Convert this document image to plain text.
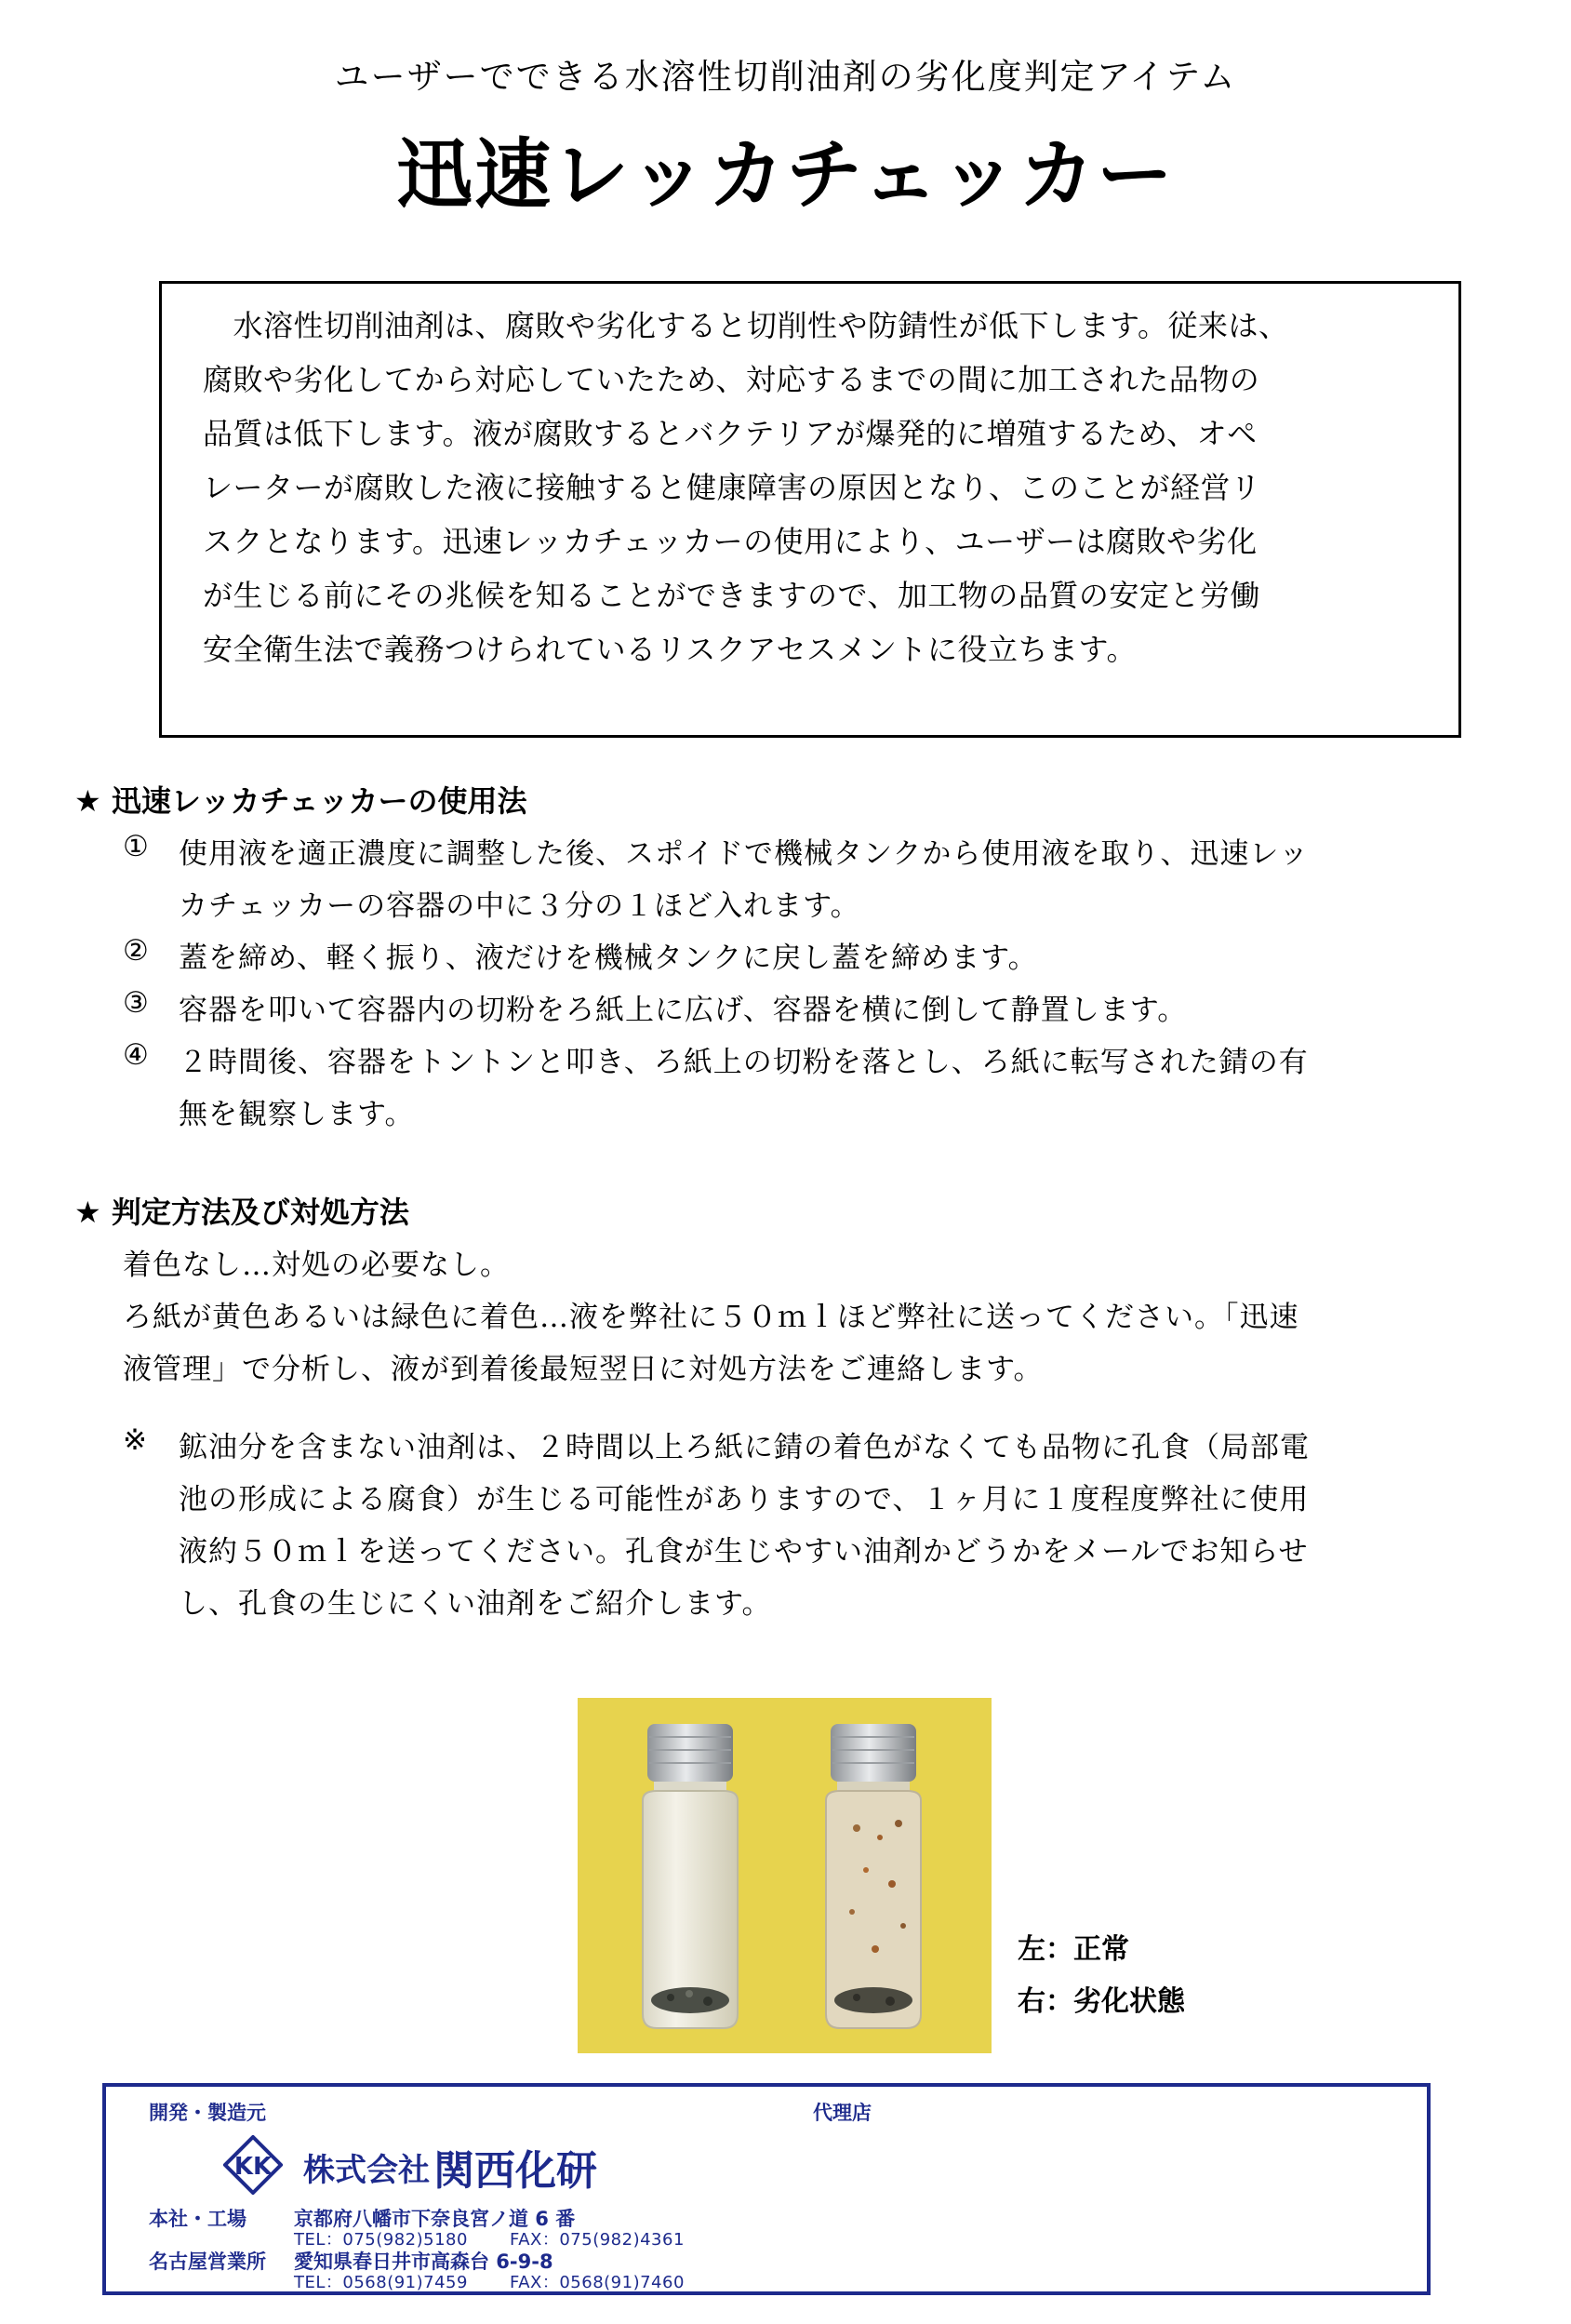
ユーザーでできる水溶性切削油剤の劣化度判定アイテム
迅速レッカチェッカー
　水溶性切削油剤は、腐敗や劣化すると切削性や防錆性が低下します。従来は、
腐敗や劣化してから対応していたため、対応するまでの間に加工された品物の
品質は低下します。液が腐敗するとバクテリアが爆発的に増殖するため、オペ
レーターが腐敗した液に接触すると健康障害の原因となり、このことが経営リ
スクとなります。迅速レッカチェッカーの使用により、ユーザーは腐敗や劣化
が生じる前にその兆候を知ることができますので、加工物の品質の安定と労働
安全衛生法で義務つけられているリスクアセスメントに役立ちます。
★ 迅速レッカチェッカーの使用法
① 使用液を適正濃度に調整した後、スポイドで機械タンクから使用液を取り、迅速レッ
カチェッカーの容器の中に３分の１ほど入れます。
② 蓋を締め、軽く振り、液だけを機械タンクに戻し蓋を締めます。
③ 容器を叩いて容器内の切粉をろ紙上に広げ、容器を横に倒して静置します。
④ ２時間後、容器をトントンと叩き、ろ紙上の切粉を落とし、ろ紙に転写された錆の有
無を観察します。
★ 判定方法及び対処方法
着色なし…対処の必要なし。
ろ紙が黄色あるいは緑色に着色…液を弊社に５０ｍｌほど弊社に送ってください。「迅速
液管理」で分析し、液が到着後最短翌日に対処方法をご連絡します。
※ 鉱油分を含まない油剤は、２時間以上ろ紙に錆の着色がなくても品物に孔食（局部電
池の形成による腐食）が生じる可能性がありますので、１ヶ月に１度程度弊社に使用
液約５０ｍｌを送ってください。孔食が生じやすい油剤かどうかをメールでお知らせ
し、孔食の生じにくい油剤をご紹介します。
左：正常
右：劣化状態
開発・製造元	代理店
KK 株式会社 関西化研
本社・工場 京都府八幡市下奈良宮ノ道 6 番
TEL：075(982)5180	FAX：075(982)4361
名古屋営業所 愛知県春日井市高森台 6-9-8
TEL：0568(91)7459	FAX：0568(91)7460
